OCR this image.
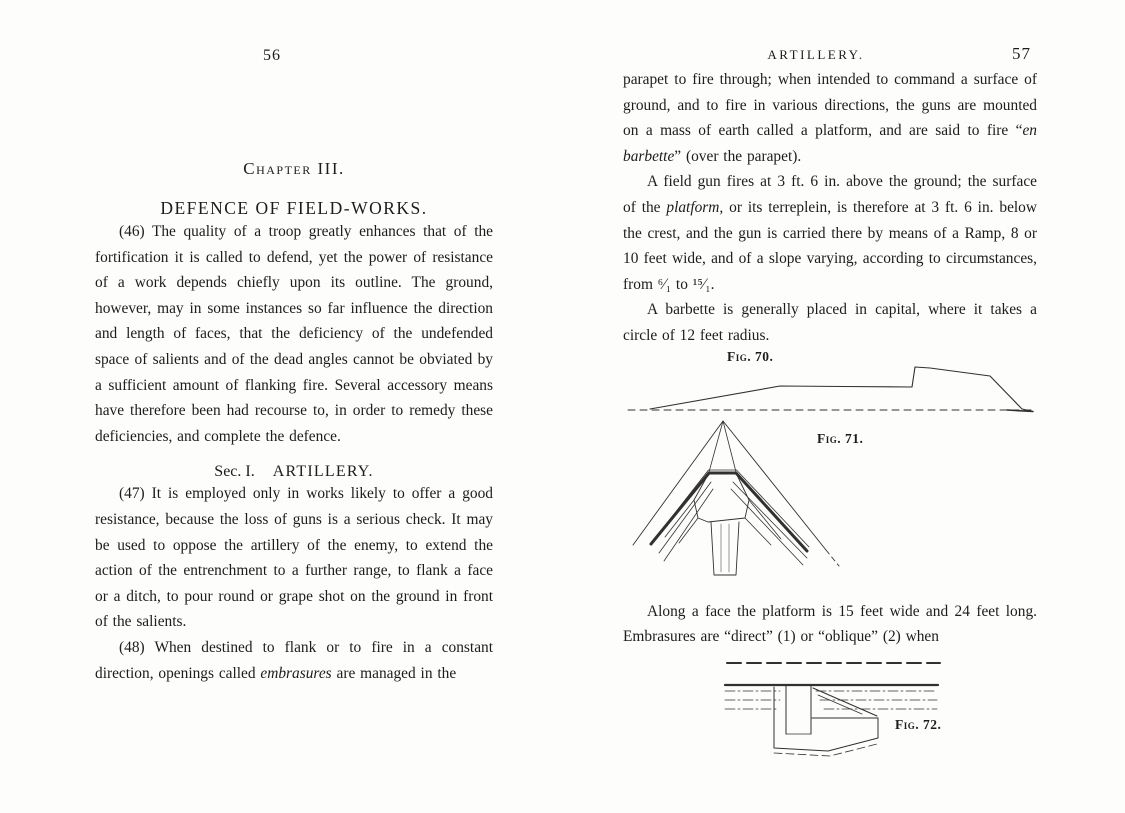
56
Chapter III.
DEFENCE OF FIELD-WORKS.

(46) The quality of a troop greatly enhances that of the fortification it is called to defend, yet the power of resistance of a work depends chiefly upon its outline. The ground, however, may in some instances so far influence the direction and length of faces, that the deficiency of the undefended space of salients and of the dead angles cannot be obviated by a sufficient amount of flanking fire. Several accessory means have therefore been had recourse to, in order to remedy these deficiencies, and complete the defence.

Sec. I. ARTILLERY.

(47) It is employed only in works likely to offer a good resistance, because the loss of guns is a serious check. It may be used to oppose the artillery of the enemy, to extend the action of the entrenchment to a further range, to flank a face or a ditch, to pour round or grape shot on the ground in front of the salients.

(48) When destined to flank or to fire in a constant direction, openings called embrasures are managed in the

ARTILLERY.	57

parapet to fire through; when intended to command a surface of ground, and to fire in various directions, the guns are mounted on a mass of earth called a platform, and are said to fire “en barbette” (over the parapet).

A field gun fires at 3 ft. 6 in. above the ground; the surface of the platform, or its terreplein, is therefore at 3 ft. 6 in. below the crest, and the gun is carried there by means of a Ramp, 8 or 10 feet wide, and of a slope varying, according to circumstances, from ⁶⁄₁ to ¹⁵⁄₁.

A barbette is generally placed in capital, where it takes a circle of 12 feet radius.

Fig. 70.
Fig. 71.

Along a face the platform is 15 feet wide and 24 feet long. Embrasures are “direct” (1) or “oblique” (2) when

Fig. 72.
